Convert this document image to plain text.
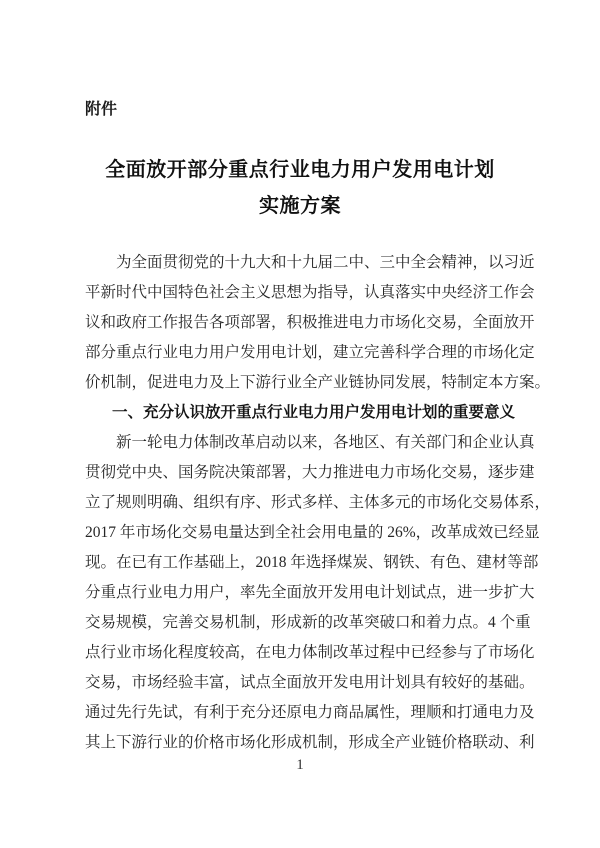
附件
全面放开部分重点行业电力用户发用电计划
实施方案
为全面贯彻党的十九大和十九届二中、三中全会精神，以习近
平新时代中国特色社会主义思想为指导，认真落实中央经济工作会
议和政府工作报告各项部署，积极推进电力市场化交易，全面放开
部分重点行业电力用户发用电计划，建立完善科学合理的市场化定
价机制，促进电力及上下游行业全产业链协同发展，特制定本方案。
一、充分认识放开重点行业电力用户发用电计划的重要意义
新一轮电力体制改革启动以来，各地区、有关部门和企业认真
贯彻党中央、国务院决策部署，大力推进电力市场化交易，逐步建
立了规则明确、组织有序、形式多样、主体多元的市场化交易体系，
2017 年市场化交易电量达到全社会用电量的 26%，改革成效已经显
现。在已有工作基础上，2018 年选择煤炭、钢铁、有色、建材等部
分重点行业电力用户，率先全面放开发用电计划试点，进一步扩大
交易规模，完善交易机制，形成新的改革突破口和着力点。4 个重
点行业市场化程度较高，在电力体制改革过程中已经参与了市场化
交易，市场经验丰富，试点全面放开发电用计划具有较好的基础。
通过先行先试，有利于充分还原电力商品属性，理顺和打通电力及
其上下游行业的价格市场化形成机制，形成全产业链价格联动、利
1
